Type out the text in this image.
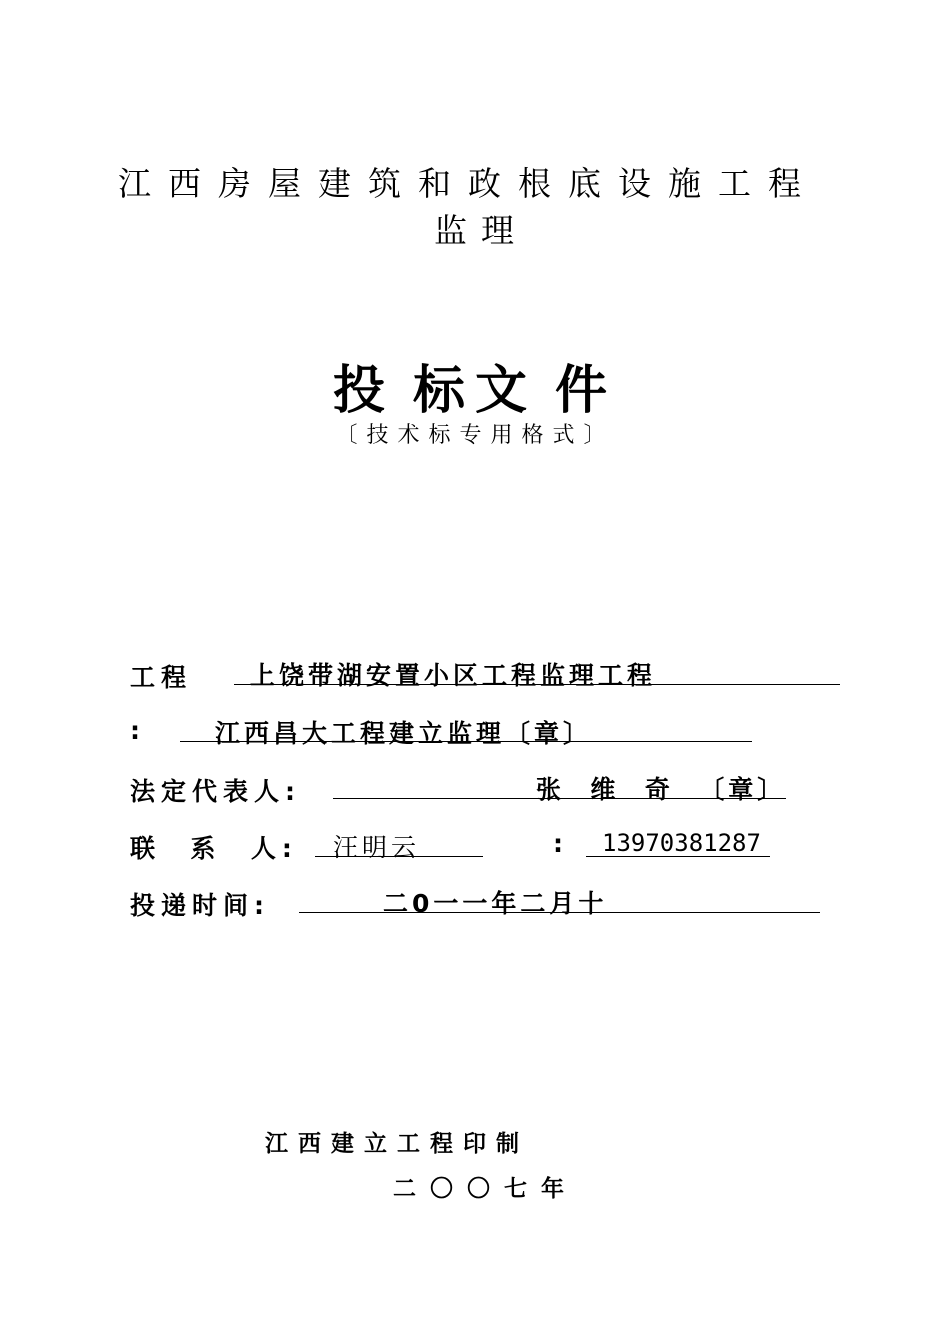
江西房屋建筑和政根底设施工程
监理
投 标文 件
〔技术标专用格式〕
工程 上饶带湖安置小区工程监理工程
:	江西昌大工程建立监理〔章〕
法定代表人:	张  维  奇  〔章〕
联  系  人: 汪明云	: 13970381287
投递时间:	二0一一年二月十
江西建立工程印制
二〇〇七年
